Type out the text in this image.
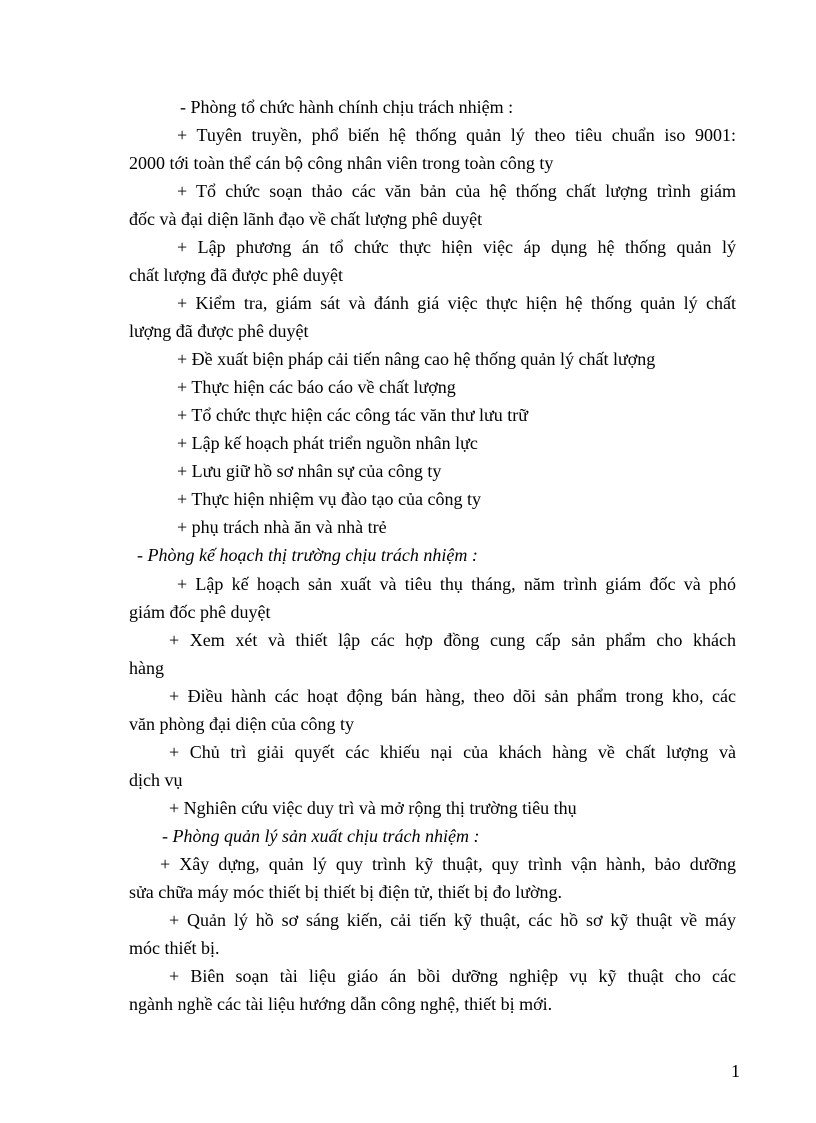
- Phòng tổ chức hành chính chịu trách nhiệm :
+ Tuyên truyền, phổ biến hệ thống quản lý theo tiêu chuẩn iso 9001:
2000 tới toàn thể cán bộ công nhân viên trong toàn công ty
+ Tổ chức soạn thảo các văn bản của hệ thống chất lượng trình giám
đốc và đại diện lãnh đạo về chất lượng phê duyệt
+ Lập phương án tổ chức thực hiện việc áp dụng hệ thống quản lý
chất lượng đã được phê duyệt
+ Kiểm tra, giám sát và đánh giá việc thực hiện hệ thống quản lý chất
lượng đã được phê duyệt
+ Đề xuất biện pháp cải tiến nâng cao hệ thống quản lý chất lượng
+ Thực hiện các báo cáo về chất lượng
+ Tổ chức thực hiện các công tác văn thư lưu trữ
+ Lập kế hoạch phát triển nguồn nhân lực
+ Lưu giữ hồ sơ nhân sự của công ty
+ Thực hiện nhiệm vụ đào tạo của công ty
+ phụ trách nhà ăn và nhà trẻ
- Phòng kế hoạch thị trường chịu trách nhiệm :
+ Lập kế hoạch sản xuất và tiêu thụ tháng, năm trình giám đốc và phó
giám đốc phê duyệt
+ Xem xét và thiết lập các hợp đồng cung cấp sản phẩm cho khách
hàng
+ Điều hành các hoạt động bán hàng, theo dõi sản phẩm trong kho, các
văn phòng đại diện của công ty
+ Chủ trì giải quyết các khiếu nại của khách hàng về chất lượng và
dịch vụ
+ Nghiên cứu việc duy trì và mở rộng thị trường tiêu thụ
- Phòng quản lý sản xuất chịu trách nhiệm :
+ Xây dựng, quản lý quy trình kỹ thuật, quy trình vận hành, bảo dưỡng
sửa chữa máy móc thiết bị thiết bị điện tử, thiết bị đo lường.
+ Quản lý hồ sơ sáng kiến, cải tiến kỹ thuật, các hồ sơ kỹ thuật về máy
móc thiết bị.
+ Biên soạn tài liệu giáo án bồi dưỡng nghiệp vụ kỹ thuật cho các
ngành nghề các tài liệu hướng dẫn công nghệ, thiết bị mới.
1
